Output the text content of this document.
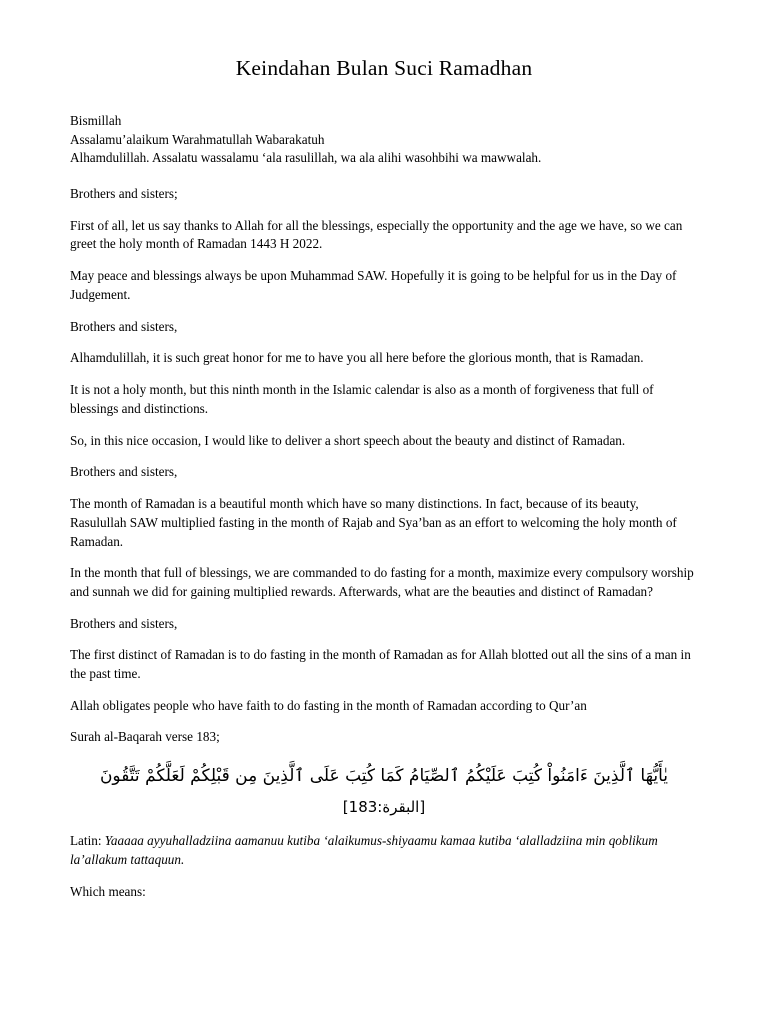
Keindahan Bulan Suci Ramadhan

Bismillah

Assalamu’alaikum Warahmatullah Wabarakatuh

Alhamdulillah. Assalatu wassalamu ‘ala rasulillah, wa ala alihi wasohbihi wa mawwalah.

Brothers and sisters;

First of all, let us say thanks to Allah for all the blessings, especially the opportunity and the age we have, so we can greet the holy month of Ramadan 1443 H 2022.

May peace and blessings always be upon Muhammad SAW. Hopefully it is going to be helpful for us in the Day of Judgement.

Brothers and sisters,

Alhamdulillah, it is such great honor for me to have you all here before the glorious month, that is Ramadan.

It is not a holy month, but this ninth month in the Islamic calendar is also as a month of forgiveness that full of blessings and distinctions.

So, in this nice occasion, I would like to deliver a short speech about the beauty and distinct of Ramadan.

Brothers and sisters,

The month of Ramadan is a beautiful month which have so many distinctions. In fact, because of its beauty, Rasulullah SAW multiplied fasting in the month of Rajab and Sya’ban as an effort to welcoming the holy month of Ramadan.

In the month that full of blessings, we are commanded to do fasting for a month, maximize every compulsory worship and sunnah we did for gaining multiplied rewards. Afterwards, what are the beauties and distinct of Ramadan?

Brothers and sisters,

The first distinct of Ramadan is to do fasting in the month of Ramadan as for Allah blotted out all the sins of a man in the past time.

Allah obligates people who have faith to do fasting in the month of Ramadan according to Qur’an

Surah al-Baqarah verse 183;

يٰأَيُّهَا ٱلَّذِينَ ءَامَنُواْ كُتِبَ عَلَيْكُمُ ٱلصِّيَامُ كَمَا كُتِبَ عَلَى ٱلَّذِينَ مِن قَبْلِكُمْ لَعَلَّكُمْ تَتَّقُونَ

[البقرة:183]

Latin: Yaaaaa ayyuhalladziina aamanuu kutiba ‘alaikumus-shiyaamu kamaa kutiba ‘alalladziina min qoblikum la’allakum tattaquun.

Which means:
